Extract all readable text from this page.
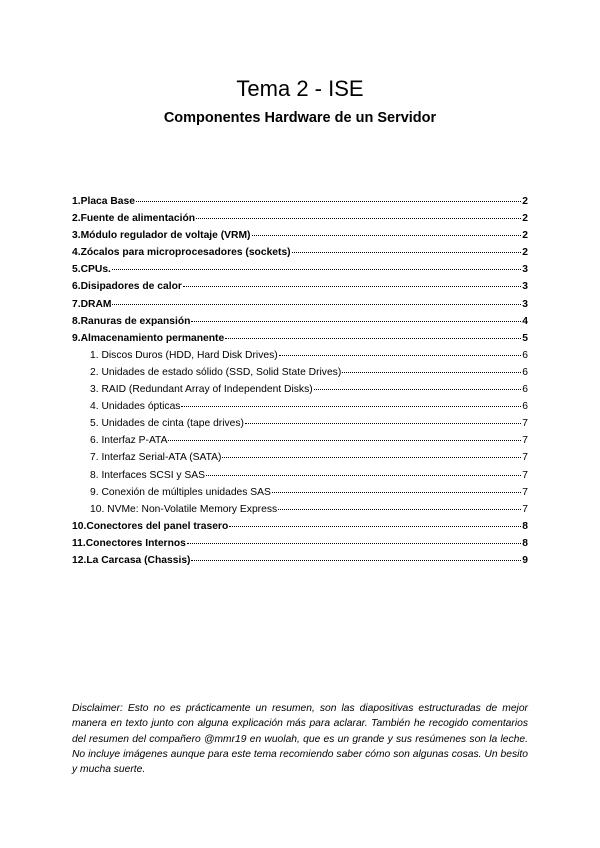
Tema 2 - ISE
Componentes Hardware de un Servidor
1.Placa Base	2
2.Fuente de alimentación	2
3.Módulo regulador de voltaje (VRM)	2
4.Zócalos para microprocesadores (sockets)	2
5.CPUs.	3
6.Disipadores de calor	3
7.DRAM	3
8.Ranuras de expansión	4
9.Almacenamiento permanente	5
1. Discos Duros (HDD, Hard Disk Drives)	6
2. Unidades de estado sólido (SSD, Solid State Drives)	6
3. RAID (Redundant Array of Independent Disks)	6
4. Unidades ópticas	6
5. Unidades de cinta (tape drives)	7
6. Interfaz P-ATA	7
7. Interfaz Serial-ATA (SATA)	7
8. Interfaces SCSI y SAS	7
9. Conexión de múltiples unidades SAS	7
10. NVMe: Non-Volatile Memory Express	7
10.Conectores del panel trasero	8
11.Conectores Internos	8
12.La Carcasa (Chassis)	9

Disclaimer: Esto no es prácticamente un resumen, son las diapositivas estructuradas de mejor manera en texto junto con alguna explicación más para aclarar. También he recogido comentarios del resumen del compañero @mmr19 en wuolah, que es un grande y sus resúmenes son la leche. No incluye imágenes aunque para este tema recomiendo saber cómo son algunas cosas. Un besito y mucha suerte.
